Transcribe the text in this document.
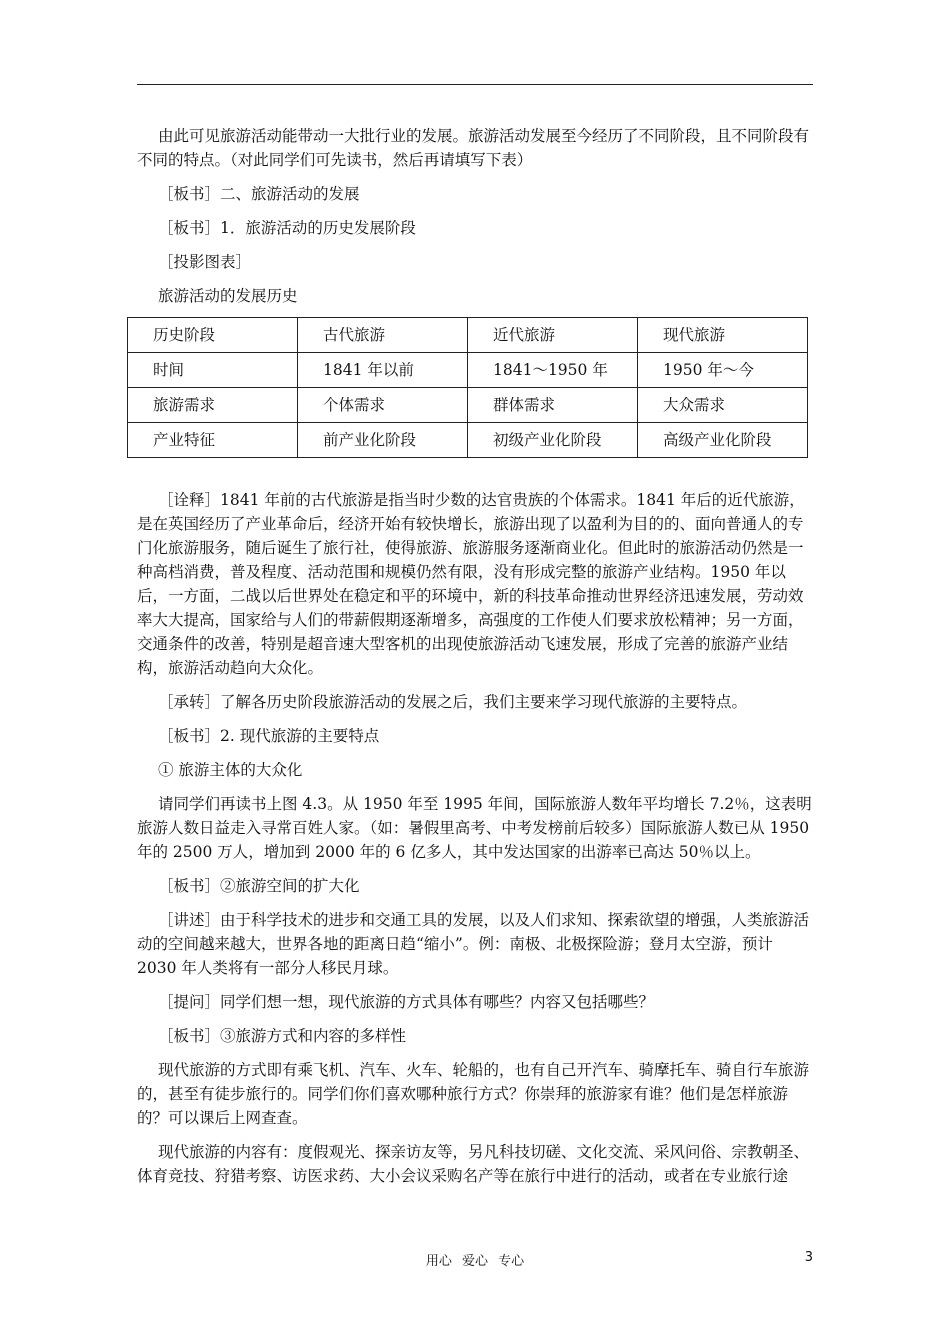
由此可见旅游活动能带动一大批行业的发展。旅游活动发展至今经历了不同阶段，且不同阶段有不同的特点。（对此同学们可先读书，然后再请填写下表）

［板书］二、旅游活动的发展

［板书］1．旅游活动的历史发展阶段

［投影图表］

旅游活动的发展历史

历史阶段	古代旅游	近代旅游	现代旅游
时间	1841 年以前	1841～1950 年	1950 年～今
旅游需求	个体需求	群体需求	大众需求
产业特征	前产业化阶段	初级产业化阶段	高级产业化阶段

［诠释］1841 年前的古代旅游是指当时少数的达官贵族的个体需求。1841 年后的近代旅游，是在英国经历了产业革命后，经济开始有较快增长，旅游出现了以盈利为目的的、面向普通人的专门化旅游服务，随后诞生了旅行社，使得旅游、旅游服务逐渐商业化。但此时的旅游活动仍然是一种高档消费，普及程度、活动范围和规模仍然有限，没有形成完整的旅游产业结构。1950 年以后，一方面，二战以后世界处在稳定和平的环境中，新的科技革命推动世界经济迅速发展，劳动效率大大提高，国家给与人们的带薪假期逐渐增多，高强度的工作使人们要求放松精神；另一方面，交通条件的改善，特别是超音速大型客机的出现使旅游活动飞速发展，形成了完善的旅游产业结构，旅游活动趋向大众化。

［承转］了解各历史阶段旅游活动的发展之后，我们主要来学习现代旅游的主要特点。

［板书］2. 现代旅游的主要特点

① 旅游主体的大众化

请同学们再读书上图 4.3。从 1950 年至 1995 年间，国际旅游人数年平均增长 7.2％，这表明旅游人数日益走入寻常百姓人家。（如：暑假里高考、中考发榜前后较多）国际旅游人数已从 1950 年的 2500 万人，增加到 2000 年的 6 亿多人，其中发达国家的出游率已高达 50％以上。

［板书］②旅游空间的扩大化

［讲述］由于科学技术的进步和交通工具的发展，以及人们求知、探索欲望的增强，人类旅游活动的空间越来越大，世界各地的距离日趋“缩小”。例：南极、北极探险游；登月太空游，预计 2030 年人类将有一部分人移民月球。

［提问］同学们想一想，现代旅游的方式具体有哪些？内容又包括哪些？

［板书］③旅游方式和内容的多样性

现代旅游的方式即有乘飞机、汽车、火车、轮船的，也有自己开汽车、骑摩托车、骑自行车旅游的，甚至有徒步旅行的。同学们你们喜欢哪种旅行方式？你崇拜的旅游家有谁？他们是怎样旅游的？可以课后上网查查。

现代旅游的内容有：度假观光、探亲访友等，另凡科技切磋、文化交流、采风问俗、宗教朝圣、体育竞技、狩猎考察、访医求药、大小会议采购名产等在旅行中进行的活动，或者在专业旅行途

用心 爱心 专心	3
